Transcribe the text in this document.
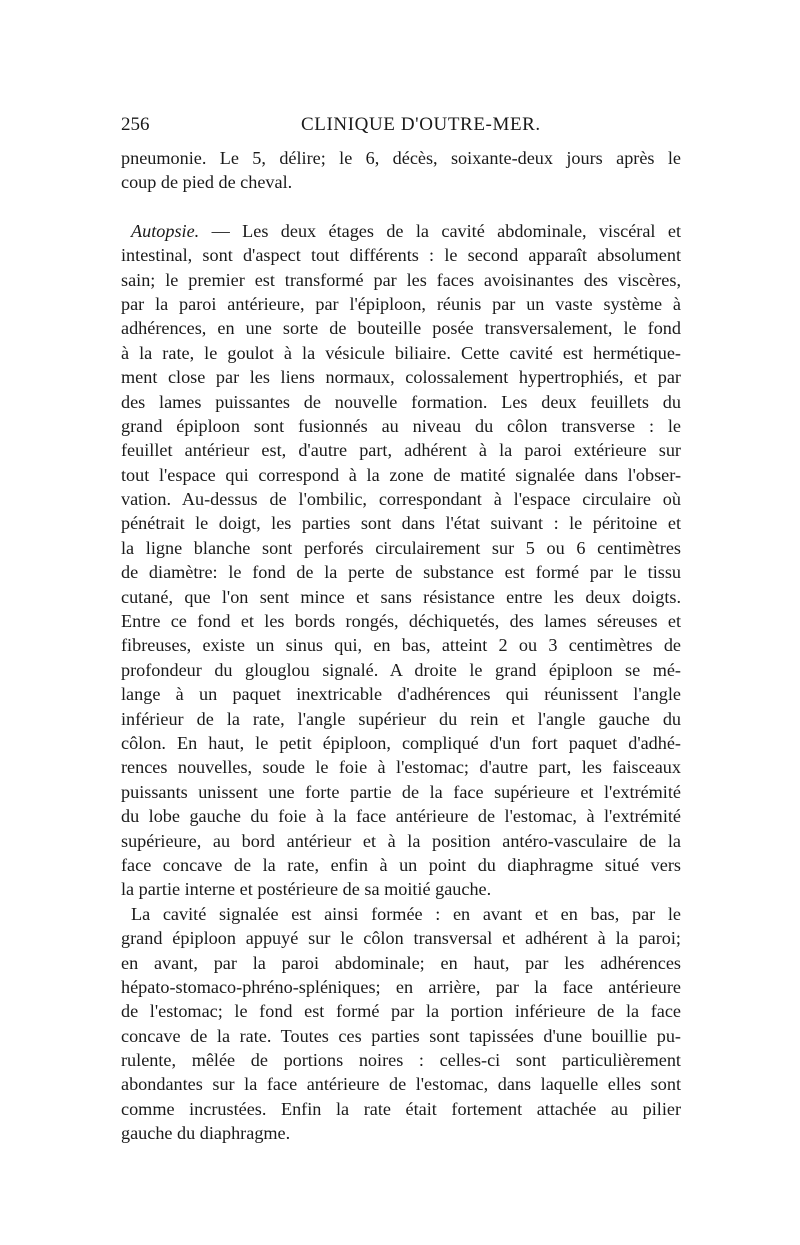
256	CLINIQUE D'OUTRE-MER.
pneumonie. Le 5, délire; le 6, décès, soixante-deux jours après le
coup de pied de cheval.
Autopsie. — Les deux étages de la cavité abdominale, viscéral et
intestinal, sont d'aspect tout différents : le second apparaît absolument
sain; le premier est transformé par les faces avoisinantes des viscères,
par la paroi antérieure, par l'épiploon, réunis par un vaste système à
adhérences, en une sorte de bouteille posée transversalement, le fond
à la rate, le goulot à la vésicule biliaire. Cette cavité est hermétique-
ment close par les liens normaux, colossalement hypertrophiés, et par
des lames puissantes de nouvelle formation. Les deux feuillets du
grand épiploon sont fusionnés au niveau du côlon transverse : le
feuillet antérieur est, d'autre part, adhérent à la paroi extérieure sur
tout l'espace qui correspond à la zone de matité signalée dans l'obser-
vation. Au-dessus de l'ombilic, correspondant à l'espace circulaire où
pénétrait le doigt, les parties sont dans l'état suivant : le péritoine et
la ligne blanche sont perforés circulairement sur 5 ou 6 centimètres
de diamètre: le fond de la perte de substance est formé par le tissu
cutané, que l'on sent mince et sans résistance entre les deux doigts.
Entre ce fond et les bords rongés, déchiquetés, des lames séreuses et
fibreuses, existe un sinus qui, en bas, atteint 2 ou 3 centimètres de
profondeur du glouglou signalé. A droite le grand épiploon se mé-
lange à un paquet inextricable d'adhérences qui réunissent l'angle
inférieur de la rate, l'angle supérieur du rein et l'angle gauche du
côlon. En haut, le petit épiploon, compliqué d'un fort paquet d'adhé-
rences nouvelles, soude le foie à l'estomac; d'autre part, les faisceaux
puissants unissent une forte partie de la face supérieure et l'extrémité
du lobe gauche du foie à la face antérieure de l'estomac, à l'extrémité
supérieure, au bord antérieur et à la position antéro-vasculaire de la
face concave de la rate, enfin à un point du diaphragme situé vers
la partie interne et postérieure de sa moitié gauche.
La cavité signalée est ainsi formée : en avant et en bas, par le
grand épiploon appuyé sur le côlon transversal et adhérent à la paroi;
en avant, par la paroi abdominale; en haut, par les adhérences
hépato-stomaco-phréno-spléniques; en arrière, par la face antérieure
de l'estomac; le fond est formé par la portion inférieure de la face
concave de la rate. Toutes ces parties sont tapissées d'une bouillie pu-
rulente, mêlée de portions noires : celles-ci sont particulièrement
abondantes sur la face antérieure de l'estomac, dans laquelle elles sont
comme incrustées. Enfin la rate était fortement attachée au pilier
gauche du diaphragme.
